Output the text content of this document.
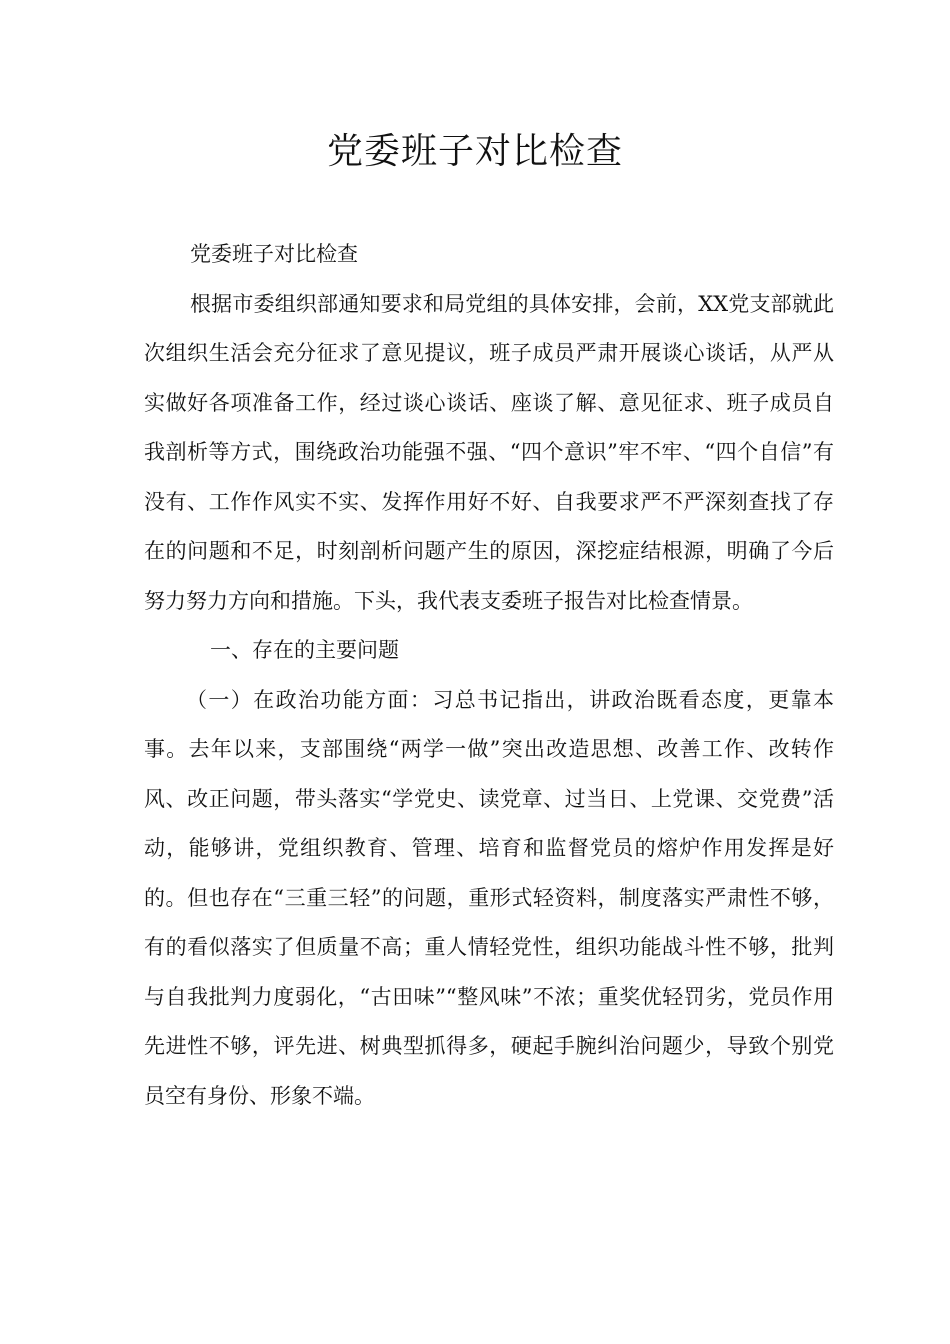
党委班子对比检查

党委班子对比检查

根据市委组织部通知要求和局党组的具体安排，会前，XX党支部就此次组织生活会充分征求了意见提议，班子成员严肃开展谈心谈话，从严从实做好各项准备工作，经过谈心谈话、座谈了解、意见征求、班子成员自我剖析等方式，围绕政治功能强不强、“四个意识”牢不牢、“四个自信”有没有、工作作风实不实、发挥作用好不好、自我要求严不严深刻查找了存在的问题和不足，时刻剖析问题产生的原因，深挖症结根源，明确了今后努力努力方向和措施。下头，我代表支委班子报告对比检查情景。

一、存在的主要问题

（一）在政治功能方面：习总书记指出，讲政治既看态度，更靠本事。去年以来，支部围绕“两学一做”突出改造思想、改善工作、改转作风、改正问题，带头落实“学党史、读党章、过当日、上党课、交党费”活动，能够讲，党组织教育、管理、培育和监督党员的熔炉作用发挥是好的。但也存在“三重三轻”的问题，重形式轻资料，制度落实严肃性不够，有的看似落实了但质量不高；重人情轻党性，组织功能战斗性不够，批判与自我批判力度弱化，“古田味”“整风味”不浓；重奖优轻罚劣，党员作用先进性不够，评先进、树典型抓得多，硬起手腕纠治问题少，导致个别党员空有身份、形象不端。
